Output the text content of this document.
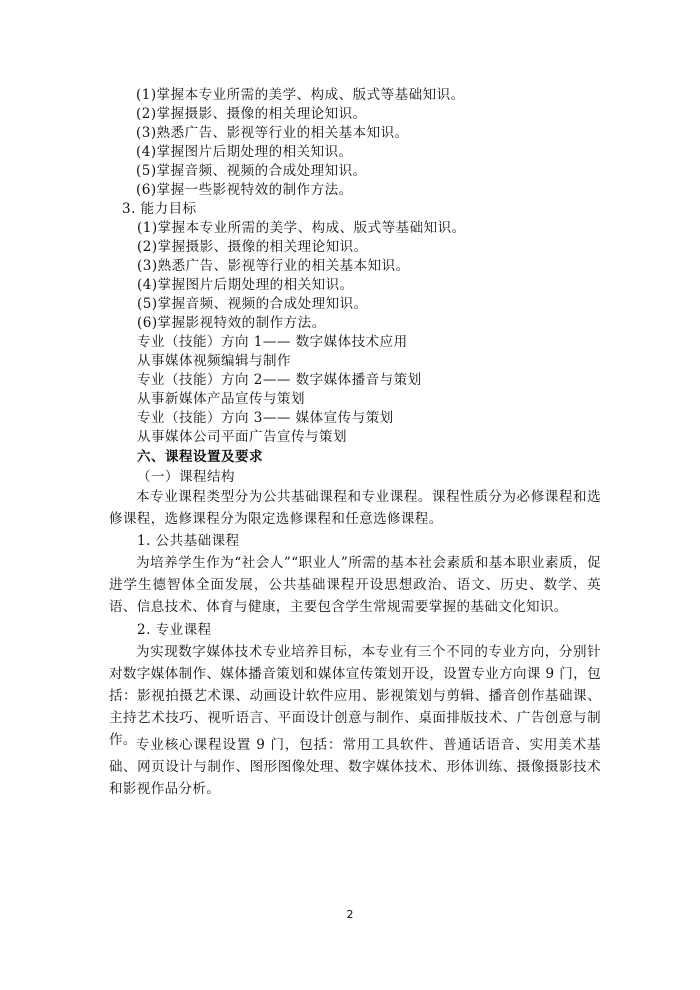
(1)掌握本专业所需的美学、构成、版式等基础知识。
(2)掌握摄影、摄像的相关理论知识。
(3)熟悉广告、影视等行业的相关基本知识。
(4)掌握图片后期处理的相关知识。
(5)掌握音频、视频的合成处理知识。
(6)掌握一些影视特效的制作方法。
3. 能力目标
(1)掌握本专业所需的美学、构成、版式等基础知识。
(2)掌握摄影、摄像的相关理论知识。
(3)熟悉广告、影视等行业的相关基本知识。
(4)掌握图片后期处理的相关知识。
(5)掌握音频、视频的合成处理知识。
(6)掌握影视特效的制作方法。
专业（技能）方向 1—— 数字媒体技术应用
从事媒体视频编辑与制作
专业（技能）方向 2—— 数字媒体播音与策划
从事新媒体产品宣传与策划
专业（技能）方向 3—— 媒体宣传与策划
从事媒体公司平面广告宣传与策划
六、课程设置及要求
（一）课程结构
本专业课程类型分为公共基础课程和专业课程。课程性质分为必修课程和选修课程，选修课程分为限定选修课程和任意选修课程。
1. 公共基础课程
为培养学生作为“社会人”“职业人”所需的基本社会素质和基本职业素质，促进学生德智体全面发展，公共基础课程开设思想政治、语文、历史、数学、英语、信息技术、体育与健康，主要包含学生常规需要掌握的基础文化知识。
2. 专业课程
为实现数字媒体技术专业培养目标，本专业有三个不同的专业方向，分别针对数字媒体制作、媒体播音策划和媒体宣传策划开设，设置专业方向课 9 门，包括：影视拍摄艺术课、动画设计软件应用、影视策划与剪辑、播音创作基础课、主持艺术技巧、视听语言、平面设计创意与制作、桌面排版技术、广告创意与制作。 专业核心课程设置 9 门，包括：常用工具软件、普通话语音、实用美术基础、网页设计与制作、图形图像处理、数字媒体技术、形体训练、摄像摄影技术和影视作品分析。
2
